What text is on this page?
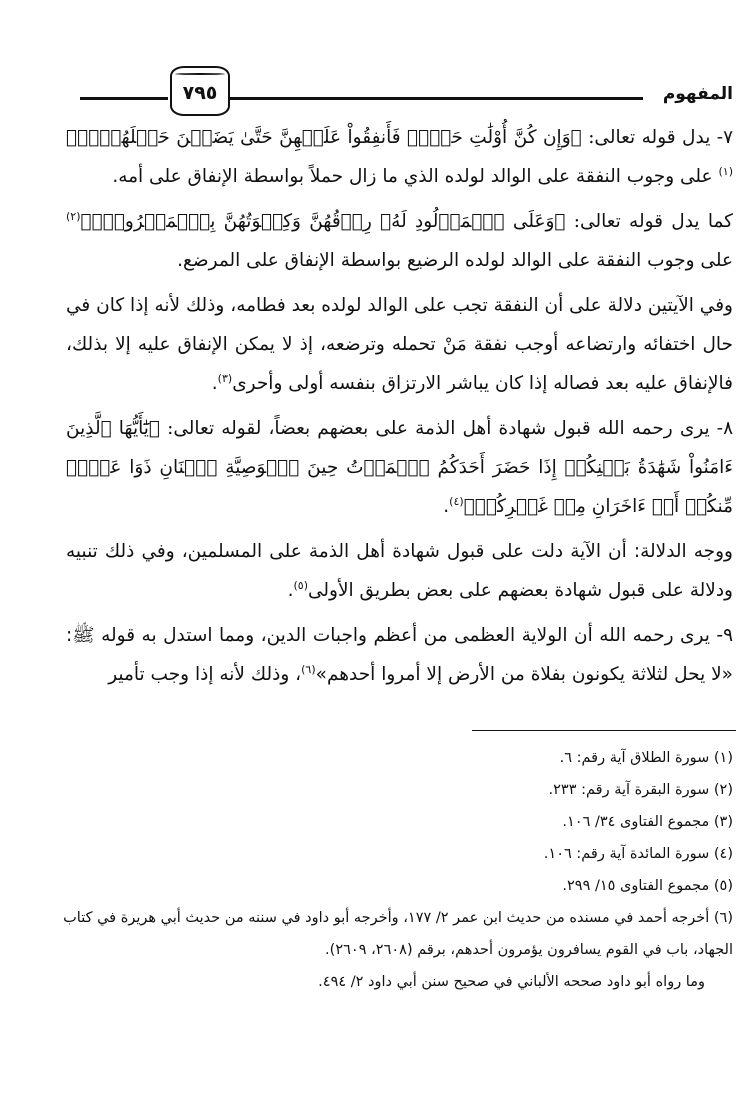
المفهوم
٧٩٥

٧- يدل قوله تعالى: ﴿وَإِن كُنَّ أُوْلَٰتِ حَمۡلٖ فَأَنفِقُواْ عَلَيۡهِنَّ حَتَّىٰ يَضَعۡنَ حَمۡلَهُنَّۚ﴾$^{(١)}$ على وجوب النفقة على الوالد لولده الذي ما زال حملاً بواسطة الإنفاق على أمه.

كما يدل قوله تعالى: ﴿وَعَلَى ٱلۡمَوۡلُودِ لَهُۥ رِزۡقُهُنَّ وَكِسۡوَتُهُنَّ بِٱلۡمَعۡرُوفِۚ﴾$^{(٢)}$ على وجوب النفقة على الوالد لولده الرضيع بواسطة الإنفاق على المرضع.

وفي الآيتين دلالة على أن النفقة تجب على الوالد لولده بعد فطامه، وذلك لأنه إذا كان في حال اختفائه وارتضاعه أوجب نفقة مَنْ تحمله وترضعه، إذ لا يمكن الإنفاق عليه إلا بذلك، فالإنفاق عليه بعد فصاله إذا كان يباشر الارتزاق بنفسه أولى وأحرى$^{(٣)}$.

٨- يرى رحمه الله قبول شهادة أهل الذمة على بعضهم بعضاً، لقوله تعالى: ﴿يَٰٓأَيُّهَا ٱلَّذِينَ ءَامَنُواْ شَهَٰدَةُ بَيۡنِكُمۡ إِذَا حَضَرَ أَحَدَكُمُ ٱلۡمَوۡتُ حِينَ ٱلۡوَصِيَّةِ ٱثۡنَانِ ذَوَا عَدۡلٖ مِّنكُمۡ أَوۡ ءَاخَرَانِ مِنۡ غَيۡرِكُمۡ﴾$^{(٤)}$.

ووجه الدلالة: أن الآية دلت على قبول شهادة أهل الذمة على المسلمين، وفي ذلك تنبيه ودلالة على قبول شهادة بعضهم على بعض بطريق الأولى$^{(٥)}$.

٩- يرى رحمه الله أن الولاية العظمى من أعظم واجبات الدين، ومما استدل به قوله ﷺ: «لا يحل لثلاثة يكونون بفلاة من الأرض إلا أمروا أحدهم»$^{(٦)}$، وذلك لأنه إذا وجب تأمير

(١) سورة الطلاق آية رقم: ٦.

(٢) سورة البقرة آية رقم: ٢٣٣.

(٣) مجموع الفتاوى ٣٤/ ١٠٦.

(٤) سورة المائدة آية رقم: ١٠٦.

(٥) مجموع الفتاوى ١٥/ ٢٩٩.

(٦) أخرجه أحمد في مسنده من حديث ابن عمر ٢/ ١٧٧، وأخرجه أبو داود في سننه من حديث أبي هريرة في كتاب الجهاد، باب في القوم يسافرون يؤمرون أحدهم، برقم (٢٦٠٨، ٢٦٠٩).

وما رواه أبو داود صححه الألباني في صحيح سنن أبي داود ٢/ ٤٩٤.
